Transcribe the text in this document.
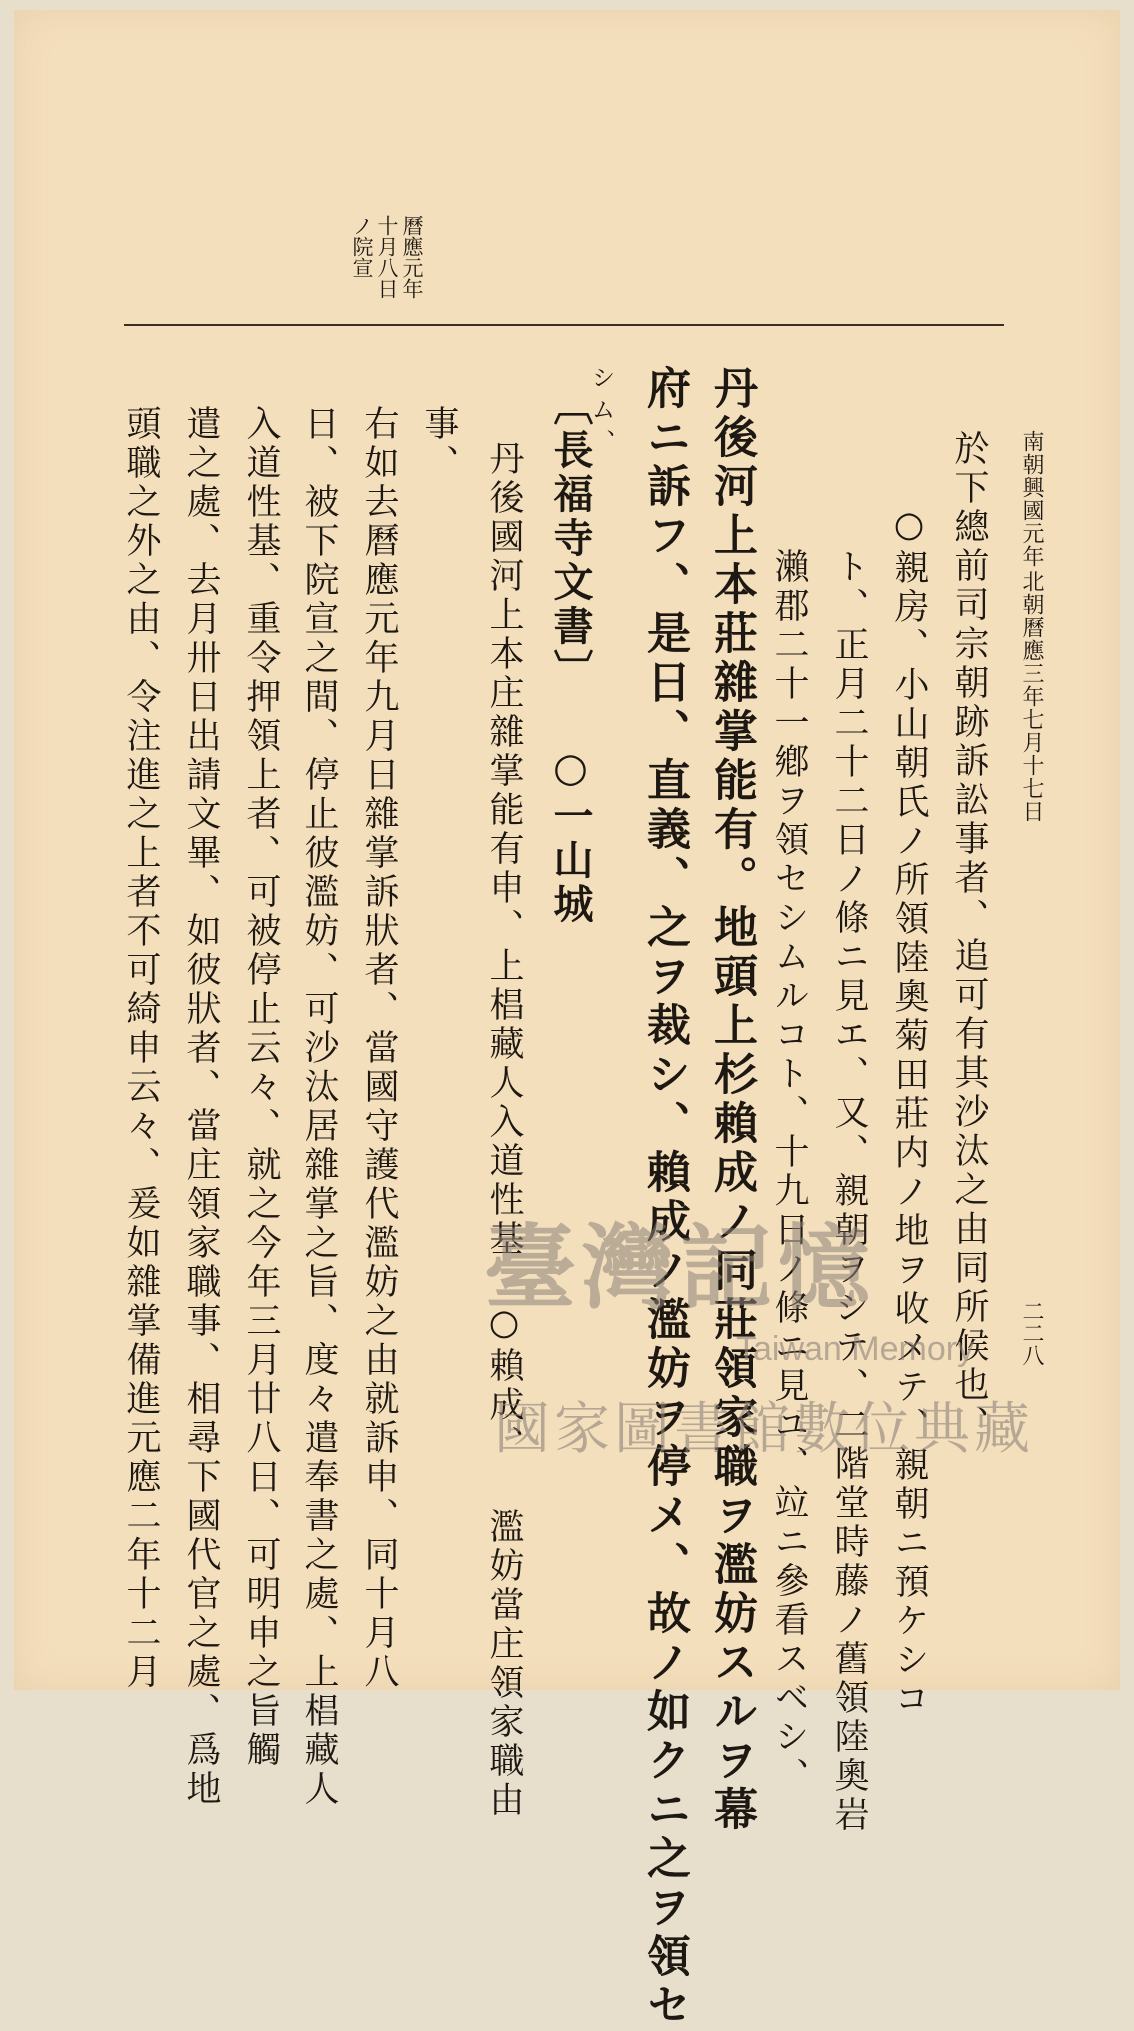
南朝興國元年
北朝曆應三年七月十七日
二二八
曆應元年
十月八日
ノ院宣
於下總前司宗朝跡訴訟事者、追可有其沙汰之由同所候也、
○親房、小山朝氏ノ所領陸奧菊田莊内ノ地ヲ收メテ、親朝ニ預ケシコ
ト、正月二十二日ノ條ニ見エ、又、親朝ヲシテ、二階堂時藤ノ舊領陸奧岩
瀨郡二十一鄕ヲ領セシムルコト、十九日ノ條ニ見ユ、竝ニ參看スベシ、
丹後河上本莊雜掌能有。地頭上杉賴成ノ同莊領家職ヲ濫妨スルヲ幕
府ニ訴フ、是日、直義、之ヲ裁シ、賴成ノ濫妨ヲ停メ、故ノ如クニ之ヲ領セ
シム、
〔長福寺文書〕 ○一山城
丹後國河上本庄雜掌能有申、上椙藏人入道性基 ○賴成、 濫妨當庄領家職由
事、
右如去曆應元年九月日雜掌訴狀者、當國守護代濫妨之由就訴申、同十月八
日、被下院宣之間、停止彼濫妨、可沙汰居雜掌之旨、度々遣奉書之處、上椙藏人
入道性基、重令押領上者、可被停止云々、就之今年三月廿八日、可明申之旨觸
遣之處、去月卅日出請文畢、如彼狀者、當庄領家職事、相尋下國代官之處、爲地
頭職之外之由、令注進之上者不可綺申云々、爰如雜掌備進元應二年十二月	臺灣記憶
Taiwan Memory
國家圖書館數位典藏
